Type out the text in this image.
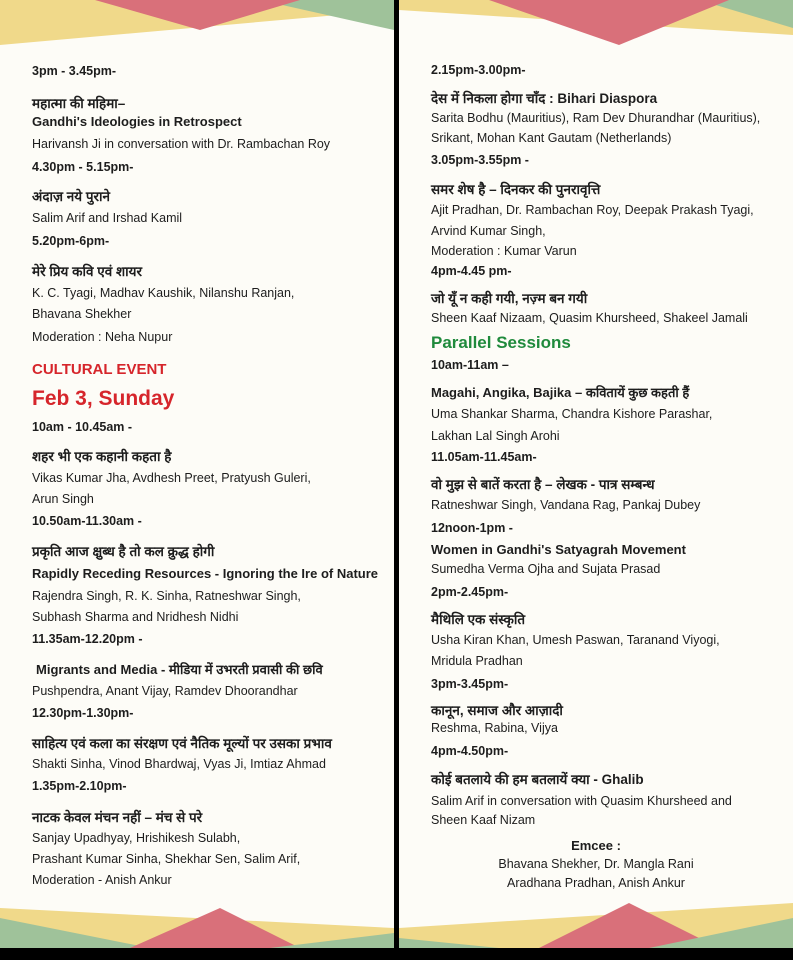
3pm - 3.45pm-
महात्मा की महिमा–
Gandhi's Ideologies in Retrospect
Harivansh Ji in conversation with Dr. Rambachan Roy
4.30pm - 5.15pm-
अंदाज़ नये पुराने
Salim Arif and Irshad Kamil
5.20pm-6pm-
मेरे प्रिय कवि एवं शायर
K. C. Tyagi, Madhav Kaushik, Nilanshu Ranjan,
Bhavana Shekher
Moderation : Neha Nupur
CULTURAL EVENT
Feb 3, Sunday
10am - 10.45am -
शहर भी एक कहानी कहता है
Vikas Kumar Jha, Avdhesh Preet, Pratyush Guleri,
Arun Singh
10.50am-11.30am -
प्रकृति आज क्षुब्ध है तो कल क्रुद्ध होगी
Rapidly Receding Resources - Ignoring the Ire of Nature
Rajendra Singh, R. K. Sinha, Ratneshwar Singh,
Subhash Sharma and Nridhesh Nidhi
11.35am-12.20pm -
Migrants and Media - मीडिया में उभरती प्रवासी की छवि
Pushpendra, Anant Vijay, Ramdev Dhoorandhar
12.30pm-1.30pm-
साहित्य एवं कला का संरक्षण एवं नैतिक मूल्यों पर उसका प्रभाव
Shakti Sinha, Vinod Bhardwaj, Vyas Ji, Imtiaz Ahmad
1.35pm-2.10pm-
नाटक केवल मंचन नहीं – मंच से परे
Sanjay Upadhyay, Hrishikesh Sulabh,
Prashant Kumar Sinha, Shekhar Sen, Salim Arif,
Moderation - Anish Ankur
2.15pm-3.00pm-
देस में निकला होगा चाँद : Bihari Diaspora
Sarita Bodhu (Mauritius), Ram Dev Dhurandhar (Mauritius),
Srikant, Mohan Kant Gautam (Netherlands)
3.05pm-3.55pm -
समर शेष है – दिनकर की पुनरावृत्ति
Ajit Pradhan, Dr. Rambachan Roy, Deepak Prakash Tyagi,
Arvind Kumar Singh,
Moderation : Kumar Varun
4pm-4.45 pm-
जो यूँ न कही गयी, नज़्म बन गयी
Sheen Kaaf Nizaam, Quasim Khursheed, Shakeel Jamali
Parallel Sessions
10am-11am –
Magahi, Angika, Bajika – कवितायें कुछ कहती हैं
Uma Shankar Sharma, Chandra Kishore Parashar,
Lakhan Lal Singh Arohi
11.05am-11.45am-
वो मुझ से बातें करता है – लेखक - पात्र सम्बन्ध
Ratneshwar Singh, Vandana Rag, Pankaj Dubey
12noon-1pm -
Women in Gandhi's Satyagrah Movement
Sumedha Verma Ojha and Sujata Prasad
2pm-2.45pm-
मैथिलि एक संस्कृति
Usha Kiran Khan, Umesh Paswan, Taranand Viyogi,
Mridula Pradhan
3pm-3.45pm-
कानून, समाज और आज़ादी
Reshma, Rabina, Vijya
4pm-4.50pm-
कोई बतलाये की हम बतलायें क्या - Ghalib
Salim Arif in conversation with Quasim Khursheed and
Sheen Kaaf Nizam
Emcee :
Bhavana Shekher, Dr. Mangla Rani
Aradhana Pradhan, Anish Ankur
